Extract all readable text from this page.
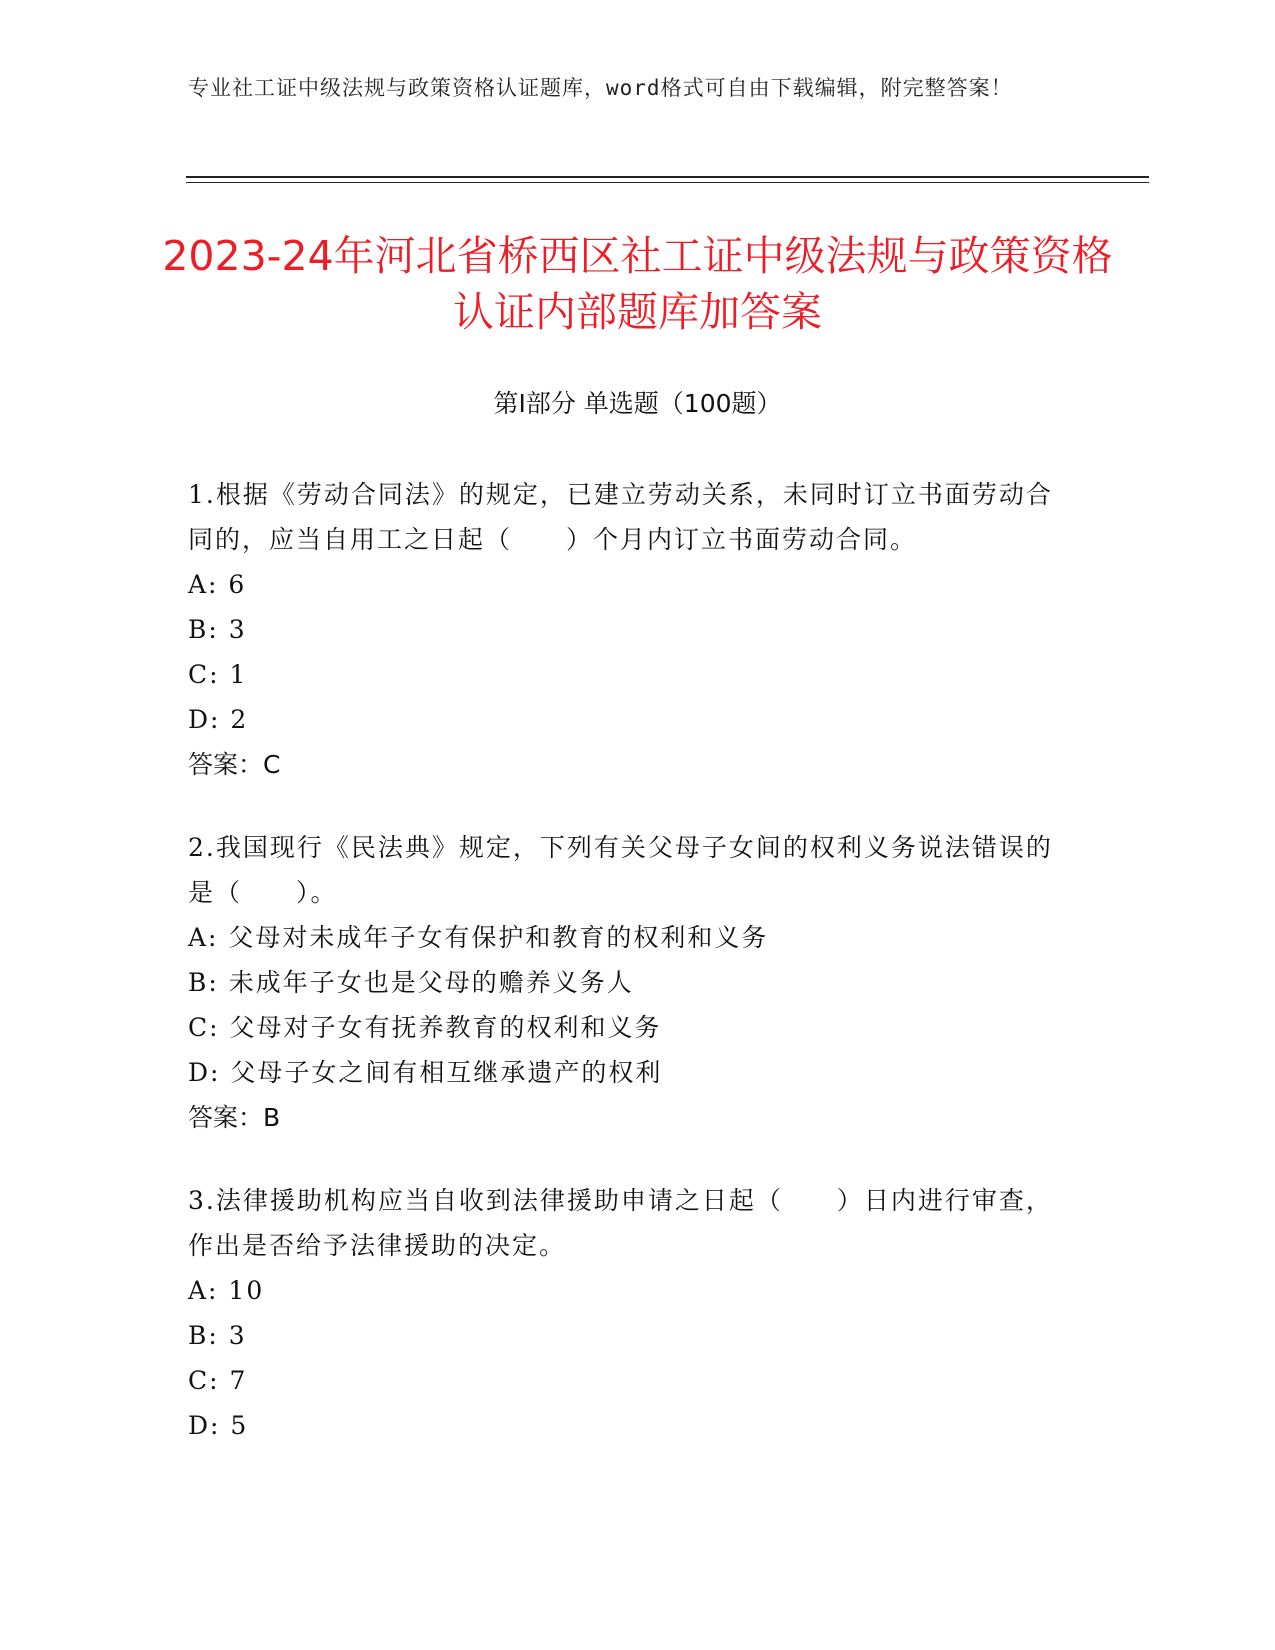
专业社工证中级法规与政策资格认证题库，word格式可自由下载编辑，附完整答案！
2023-24年河北省桥西区社工证中级法规与政策资格认证内部题库加答案
第Ⅰ部分 单选题（100题）

1.根据《劳动合同法》的规定，已建立劳动关系，未同时订立书面劳动合同的，应当自用工之日起（　　）个月内订立书面劳动合同。

A: 6

B: 3

C: 1

D: 2

答案：C

2.我国现行《民法典》规定，下列有关父母子女间的权利义务说法错误的是（　　）。

A: 父母对未成年子女有保护和教育的权利和义务

B: 未成年子女也是父母的赡养义务人

C: 父母对子女有抚养教育的权利和义务

D: 父母子女之间有相互继承遗产的权利

答案：B

3.法律援助机构应当自收到法律援助申请之日起（　　）日内进行审查，作出是否给予法律援助的决定。

A: 10

B: 3

C: 7

D: 5
